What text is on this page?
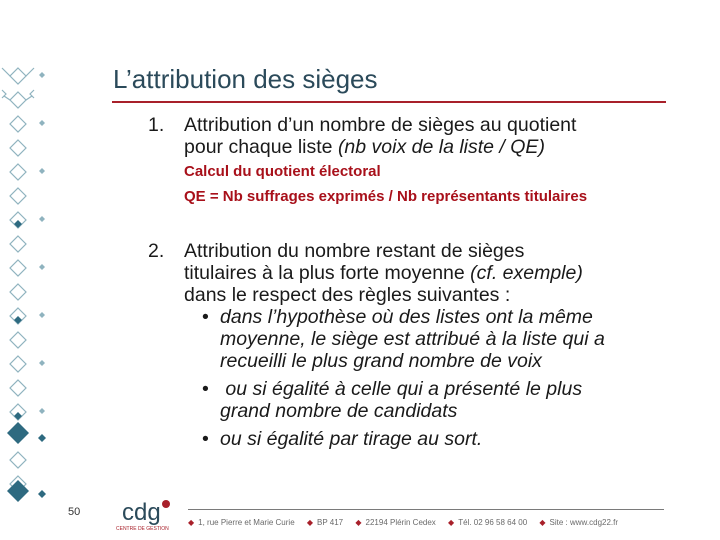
L’attribution des sièges
1. Attribution d’un nombre de sièges au quotient
pour chaque liste (nb voix de la liste / QE)
Calcul du quotient électoral
QE = Nb suffrages exprimés / Nb représentants titulaires
2. Attribution du nombre restant de sièges
titulaires à la plus forte moyenne (cf. exemple)
dans le respect des règles suivantes :
• dans l’hypothèse où des listes ont la même
moyenne, le siège est attribué à la liste qui a
recueilli le plus grand nombre de voix
• ou si égalité à celle qui a présenté le plus
grand nombre de candidats
• ou si égalité par tirage au sort.
50 cdg
CENTRE DE GESTION
◆ 1, rue Pierre et Marie Curie ◆ BP 417 ◆ 22194 Plérin Cedex ◆ Tél. 02 96 58 64 00 ◆ Site : www.cdg22.fr
